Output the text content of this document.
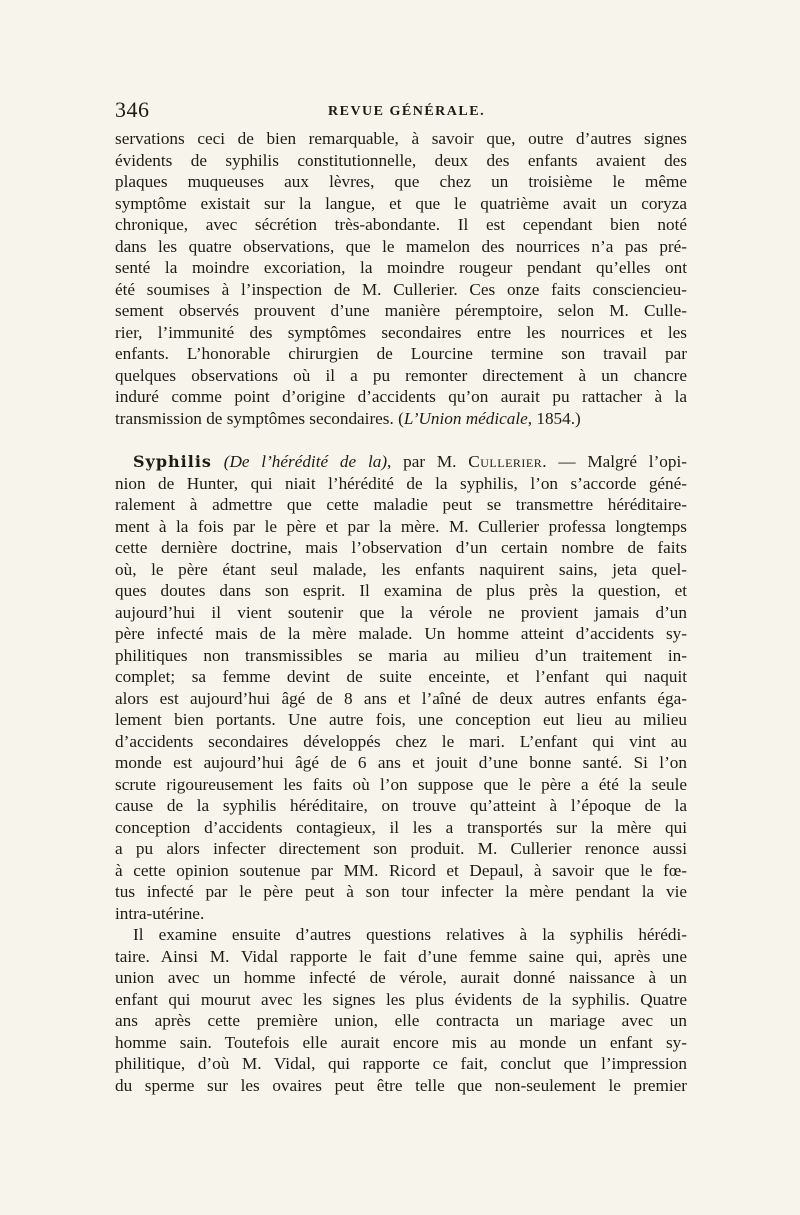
346	REVUE GÉNÉRALE.
servations ceci de bien remarquable, à savoir que, outre d’autres signes
évidents de syphilis constitutionnelle, deux des enfants avaient des
plaques muqueuses aux lèvres, que chez un troisième le même
symptôme existait sur la langue, et que le quatrième avait un coryza
chronique, avec sécrétion très-abondante. Il est cependant bien noté
dans les quatre observations, que le mamelon des nourrices n’a pas pré-
senté la moindre excoriation, la moindre rougeur pendant qu’elles ont
été soumises à l’inspection de M. Cullerier. Ces onze faits consciencieu-
sement observés prouvent d’une manière péremptoire, selon M. Culle-
rier, l’immunité des symptômes secondaires entre les nourrices et les
enfants. L’honorable chirurgien de Lourcine termine son travail par
quelques observations où il a pu remonter directement à un chancre
induré comme point d’origine d’accidents qu’on aurait pu rattacher à la
transmission de symptômes secondaires. (L’Union médicale, 1854.)
Syphilis (De l’hérédité de la), par M. Cullerier. — Malgré l’opi-
nion de Hunter, qui niait l’hérédité de la syphilis, l’on s’accorde géné-
ralement à admettre que cette maladie peut se transmettre héréditaire-
ment à la fois par le père et par la mère. M. Cullerier professa longtemps
cette dernière doctrine, mais l’observation d’un certain nombre de faits
où, le père étant seul malade, les enfants naquirent sains, jeta quel-
ques doutes dans son esprit. Il examina de plus près la question, et
aujourd’hui il vient soutenir que la vérole ne provient jamais d’un
père infecté mais de la mère malade. Un homme atteint d’accidents sy-
philitiques non transmissibles se maria au milieu d’un traitement in-
complet; sa femme devint de suite enceinte, et l’enfant qui naquit
alors est aujourd’hui âgé de 8 ans et l’aîné de deux autres enfants éga-
lement bien portants. Une autre fois, une conception eut lieu au milieu
d’accidents secondaires développés chez le mari. L’enfant qui vint au
monde est aujourd’hui âgé de 6 ans et jouit d’une bonne santé. Si l’on
scrute rigoureusement les faits où l’on suppose que le père a été la seule
cause de la syphilis héréditaire, on trouve qu’atteint à l’époque de la
conception d’accidents contagieux, il les a transportés sur la mère qui
a pu alors infecter directement son produit. M. Cullerier renonce aussi
à cette opinion soutenue par MM. Ricord et Depaul, à savoir que le fœ-
tus infecté par le père peut à son tour infecter la mère pendant la vie
intra-utérine.
Il examine ensuite d’autres questions relatives à la syphilis hérédi-
taire. Ainsi M. Vidal rapporte le fait d’une femme saine qui, après une
union avec un homme infecté de vérole, aurait donné naissance à un
enfant qui mourut avec les signes les plus évidents de la syphilis. Quatre
ans après cette première union, elle contracta un mariage avec un
homme sain. Toutefois elle aurait encore mis au monde un enfant sy-
philitique, d’où M. Vidal, qui rapporte ce fait, conclut que l’impression
du sperme sur les ovaires peut être telle que non-seulement le premier
